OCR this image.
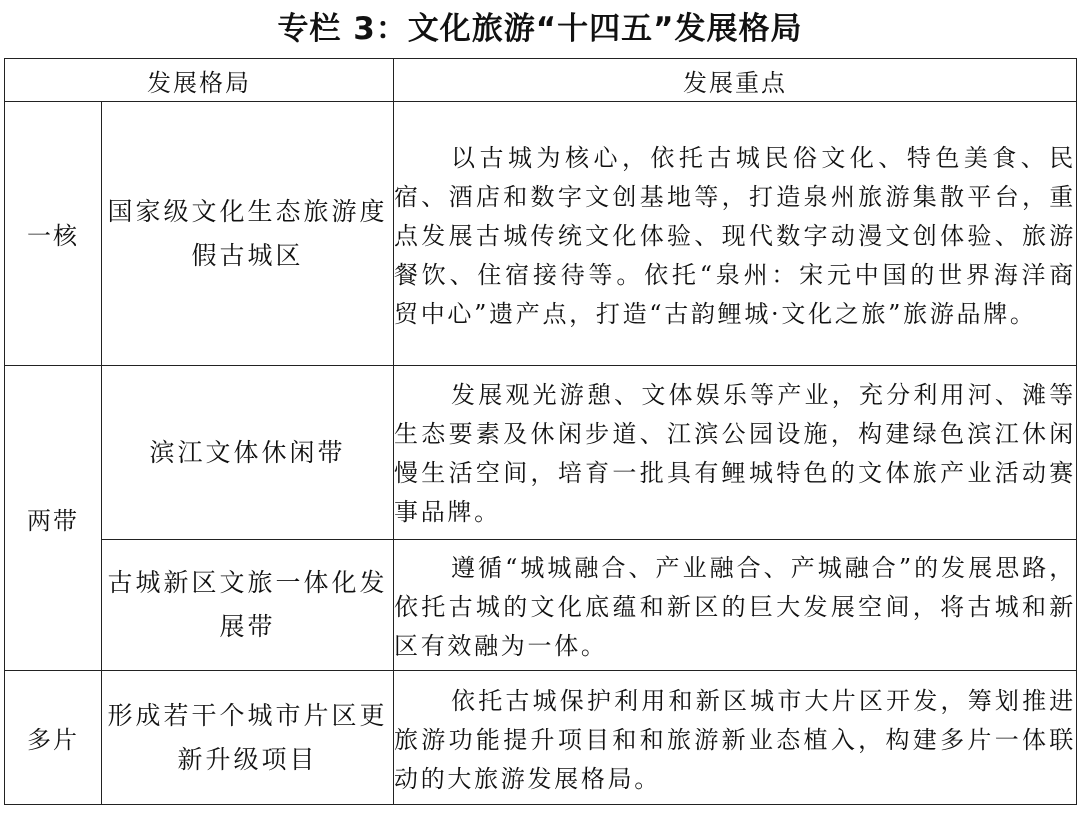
专栏 3：文化旅游“十四五”发展格局
发展格局		发展重点
一核	国家级文化生态旅游度假古城区	以古城为核心，依托古城民俗文化、特色美食、民宿、酒店和数字文创基地等，打造泉州旅游集散平台，重点发展古城传统文化体验、现代数字动漫文创体验、旅游餐饮、住宿接待等。依托“泉州：宋元中国的世界海洋商贸中心”遗产点，打造“古韵鲤城·文化之旅”旅游品牌。
两带	滨江文体休闲带	发展观光游憩、文体娱乐等产业，充分利用河、滩等生态要素及休闲步道、江滨公园设施，构建绿色滨江休闲慢生活空间，培育一批具有鲤城特色的文体旅产业活动赛事品牌。
	古城新区文旅一体化发展带	遵循“城城融合、产业融合、产城融合”的发展思路，依托古城的文化底蕴和新区的巨大发展空间，将古城和新区有效融为一体。
多片	形成若干个城市片区更新升级项目	依托古城保护利用和新区城市大片区开发，筹划推进旅游功能提升项目和和旅游新业态植入，构建多片一体联动的大旅游发展格局。
